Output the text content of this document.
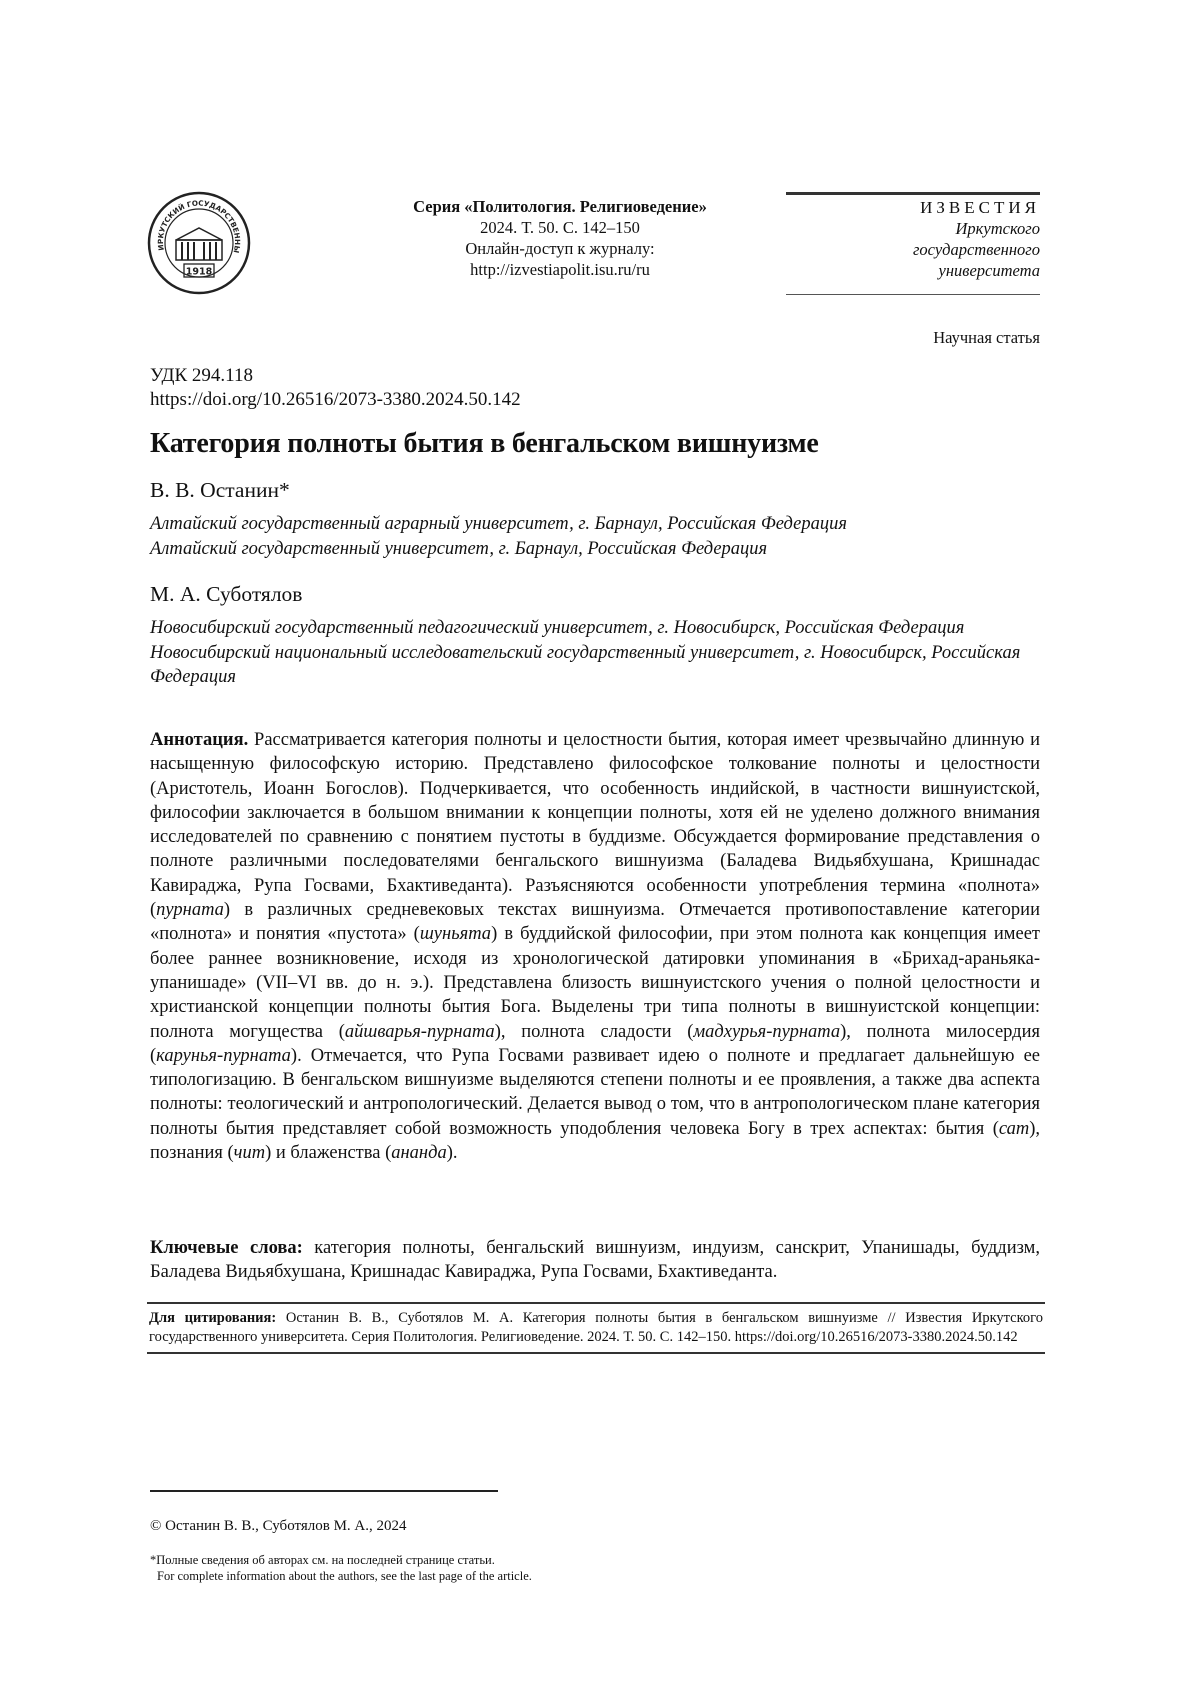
ИРКУТСКИЙ ГОСУДАРСТВЕННЫ
1918
Серия «Политология. Религиоведение»
2024. Т. 50. С. 142–150
Онлайн-доступ к журналу:
http://izvestiapolit.isu.ru/ru
ИЗВЕСТИЯ
Иркутского
государственного
университета
Научная статья
УДК 294.118
https://doi.org/10.26516/2073-3380.2024.50.142
Категория полноты бытия в бенгальском вишнуизме
В. В. Останин*
Алтайский государственный аграрный университет, г. Барнаул, Российская Федерация
Алтайский государственный университет, г. Барнаул, Российская Федерация
М. А. Суботялов
Новосибирский государственный педагогический университет, г. Новосибирск, Российская Федерация
Новосибирский национальный исследовательский государственный университет, г. Новосибирск, Российская Федерация
Аннотация. Рассматривается категория полноты и целостности бытия, которая имеет чрезвычайно длинную и насыщенную философскую историю. Представлено философское толкование полноты и целостности (Аристотель, Иоанн Богослов). Подчеркивается, что особенность индийской, в частности вишнуистской, философии заключается в большом внимании к концепции полноты, хотя ей не уделено должного внимания исследователей по сравнению с понятием пустоты в буддизме. Обсуждается формирование представления о полноте различными последователями бенгальского вишнуизма (Баладева Видьябхушана, Кришнадас Кавираджа, Рупа Госвами, Бхактиведанта). Разъясняются особенности употребления термина «полнота» (пурната) в различных средневековых текстах вишнуизма. Отмечается противопоставление категории «полнота» и понятия «пустота» (шуньята) в буддийской философии, при этом полнота как концепция имеет более раннее возникновение, исходя из хронологической датировки упоминания в «Брихад-араньяка-упанишаде» (VII–VI вв. до н. э.). Представлена близость вишнуистского учения о полной целостности и христианской концепции полноты бытия Бога. Выделены три типа полноты в вишнуистской концепции: полнота могущества (айшварья-пурната), полнота сладости (мадхурья-пурната), полнота милосердия (карунья-пурната). Отмечается, что Рупа Госвами развивает идею о полноте и предлагает дальнейшую ее типологизацию. В бенгальском вишнуизме выделяются степени полноты и ее проявления, а также два аспекта полноты: теологический и антропологический. Делается вывод о том, что в антропологическом плане категория полноты бытия представляет собой возможность уподобления человека Богу в трех аспектах: бытия (сат), познания (чит) и блаженства (ананда).
Ключевые слова: категория полноты, бенгальский вишнуизм, индуизм, санскрит, Упанишады, буддизм, Баладева Видьябхушана, Кришнадас Кавираджа, Рупа Госвами, Бхактиведанта.
Для цитирования: Останин В. В., Суботялов М. А. Категория полноты бытия в бенгальском вишнуизме // Известия Иркутского государственного университета. Серия Политология. Религиоведение. 2024. Т. 50. С. 142–150. https://doi.org/10.26516/2073-3380.2024.50.142
© Останин В. В., Суботялов М. А., 2024
*Полные сведения об авторах см. на последней странице статьи.
For complete information about the authors, see the last page of the article.
